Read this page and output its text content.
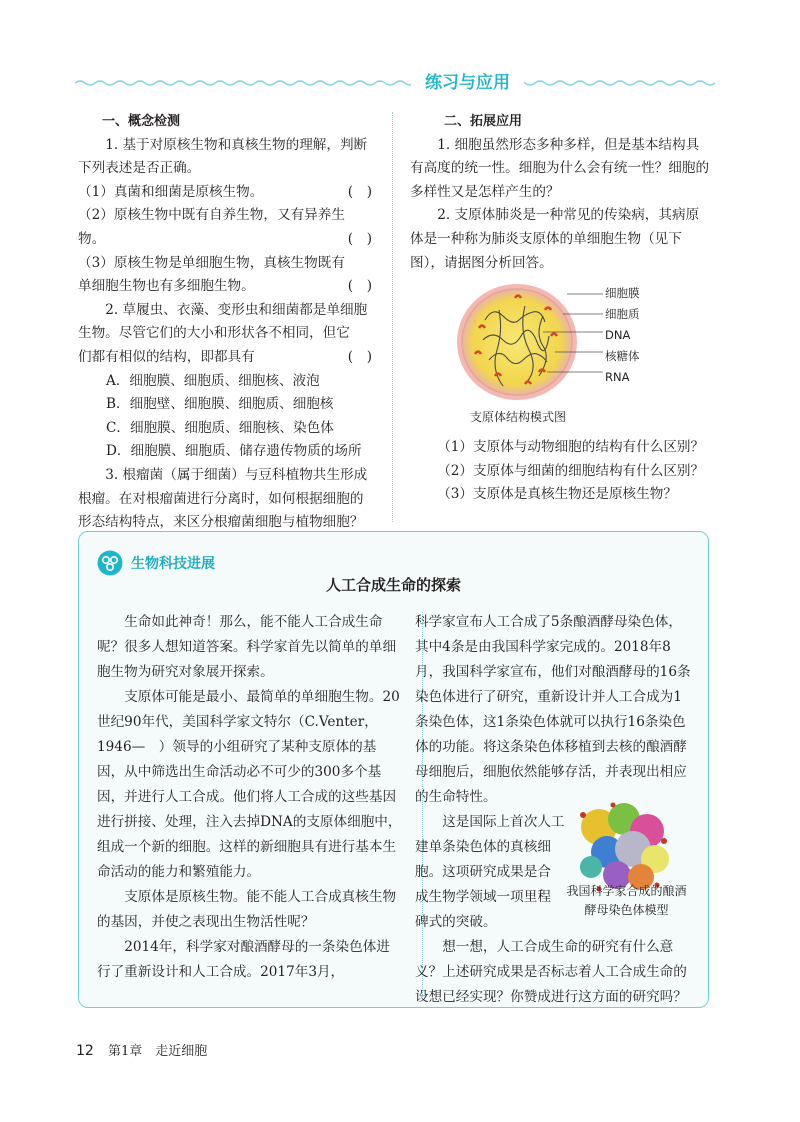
练习与应用

一、概念检测

1. 基于对原核生物和真核生物的理解，判断下列表述是否正确。

（1）真菌和细菌是原核生物。	(　)

（2）原核生物中既有自养生物，又有异养生

物。	(　)

（3）原核生物是单细胞生物，真核生物既有

单细胞生物也有多细胞生物。	(　)

2. 草履虫、衣藻、变形虫和细菌都是单细胞生物。尽管它们的大小和形状各不相同，但它

们都有相似的结构，即都具有	(　)

A．细胞膜、细胞质、细胞核、液泡

B．细胞壁、细胞膜、细胞质、细胞核

C．细胞膜、细胞质、细胞核、染色体

D．细胞膜、细胞质、储存遗传物质的场所

3. 根瘤菌（属于细菌）与豆科植物共生形成根瘤。在对根瘤菌进行分离时，如何根据细胞的形态结构特点，来区分根瘤菌细胞与植物细胞？

二、拓展应用

1. 细胞虽然形态多种多样，但是基本结构具有高度的统一性。细胞为什么会有统一性？细胞的多样性又是怎样产生的？

2. 支原体肺炎是一种常见的传染病，其病原体是一种称为肺炎支原体的单细胞生物（见下图），请据图分析回答。

细胞膜
细胞质
DNA
核糖体
RNA
支原体结构模式图

（1）支原体与动物细胞的结构有什么区别？

（2）支原体与细菌的细胞结构有什么区别？

（3）支原体是真核生物还是原核生物？

生物科技进展
人工合成生命的探索

生命如此神奇！那么，能不能人工合成生命呢？很多人想知道答案。科学家首先以简单的单细胞生物为研究对象展开探索。

支原体可能是最小、最简单的单细胞生物。20世纪90年代，美国科学家文特尔（C.Venter，1946—　）领导的小组研究了某种支原体的基因，从中筛选出生命活动必不可少的300多个基因，并进行人工合成。他们将人工合成的这些基因进行拼接、处理，注入去掉DNA的支原体细胞中，组成一个新的细胞。这样的新细胞具有进行基本生命活动的能力和繁殖能力。

支原体是原核生物。能不能人工合成真核生物的基因，并使之表现出生物活性呢？

2014年，科学家对酿酒酵母的一条染色体进行了重新设计和人工合成。2017年3月，

科学家宣布人工合成了5条酿酒酵母染色体，其中4条是由我国科学家完成的。2018年8月，我国科学家宣布，他们对酿酒酵母的16条染色体进行了研究，重新设计并人工合成为1条染色体，这1条染色体就可以执行16条染色体的功能。将这条染色体移植到去核的酿酒酵母细胞后，细胞依然能够存活，并表现出相应的生命特性。

这是国际上首次人工

建单条染色体的真核细

胞。这项研究成果是合

成生物学领域一项里程

碑式的突破。

想一想，人工合成生命的研究有什么意义？上述研究成果是否标志着人工合成生命的设想已经实现？你赞成进行这方面的研究吗？

我国科学家合成的酿酒酵母染色体模型
12 第1章　走近细胞
